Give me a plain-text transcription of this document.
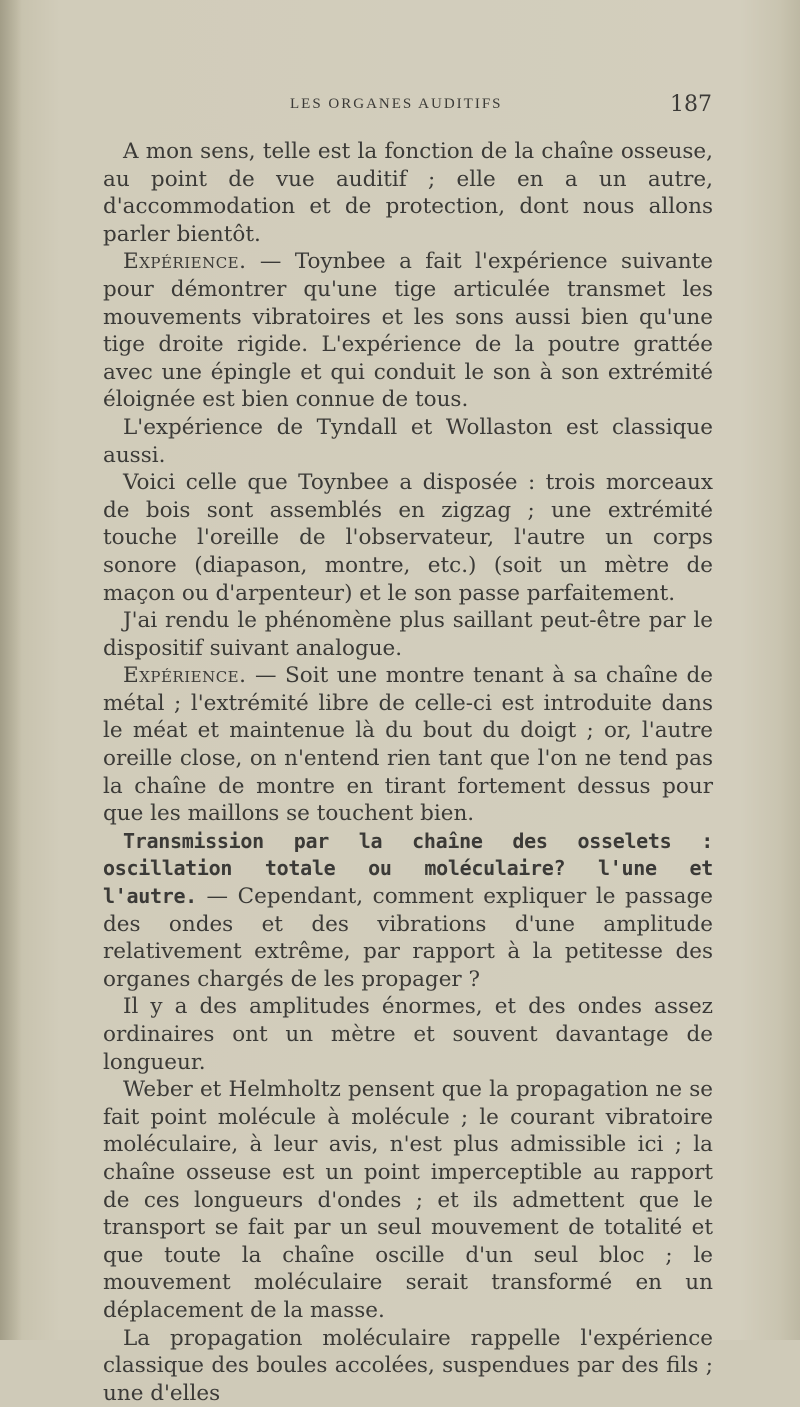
LES ORGANES AUDITIFS	187

A mon sens, telle est la fonction de la chaîne osseuse, au point de vue auditif ; elle en a un autre, d'accommodation et de protection, dont nous allons parler bientôt.

Expérience. — Toynbee a fait l'expérience suivante pour démontrer qu'une tige articulée transmet les mouvements vibratoires et les sons aussi bien qu'une tige droite rigide. L'expérience de la poutre grattée avec une épingle et qui conduit le son à son extrémité éloignée est bien connue de tous.

L'expérience de Tyndall et Wollaston est classique aussi.

Voici celle que Toynbee a disposée : trois morceaux de bois sont assemblés en zigzag ; une extrémité touche l'oreille de l'observateur, l'autre un corps sonore (diapason, montre, etc.) (soit un mètre de maçon ou d'arpenteur) et le son passe parfaitement.

J'ai rendu le phénomène plus saillant peut-être par le dispositif suivant analogue.

Expérience. — Soit une montre tenant à sa chaîne de métal ; l'extrémité libre de celle-ci est introduite dans le méat et maintenue là du bout du doigt ; or, l'autre oreille close, on n'entend rien tant que l'on ne tend pas la chaîne de montre en tirant fortement dessus pour que les maillons se touchent bien.

Transmission par la chaîne des osselets : oscillation totale ou moléculaire? l'une et l'autre. — Cependant, comment expliquer le passage des ondes et des vibrations d'une amplitude relativement extrême, par rapport à la petitesse des organes chargés de les propager ?

Il y a des amplitudes énormes, et des ondes assez ordinaires ont un mètre et souvent davantage de longueur.

Weber et Helmholtz pensent que la propagation ne se fait point molécule à molécule ; le courant vibratoire moléculaire, à leur avis, n'est plus admissible ici ; la chaîne osseuse est un point imperceptible au rapport de ces longueurs d'ondes ; et ils admettent que le transport se fait par un seul mouvement de totalité et que toute la chaîne oscille d'un seul bloc ; le mouvement moléculaire serait transformé en un déplacement de la masse.

La propagation moléculaire rappelle l'expérience classique des boules accolées, suspendues par des fils ; une d'elles
